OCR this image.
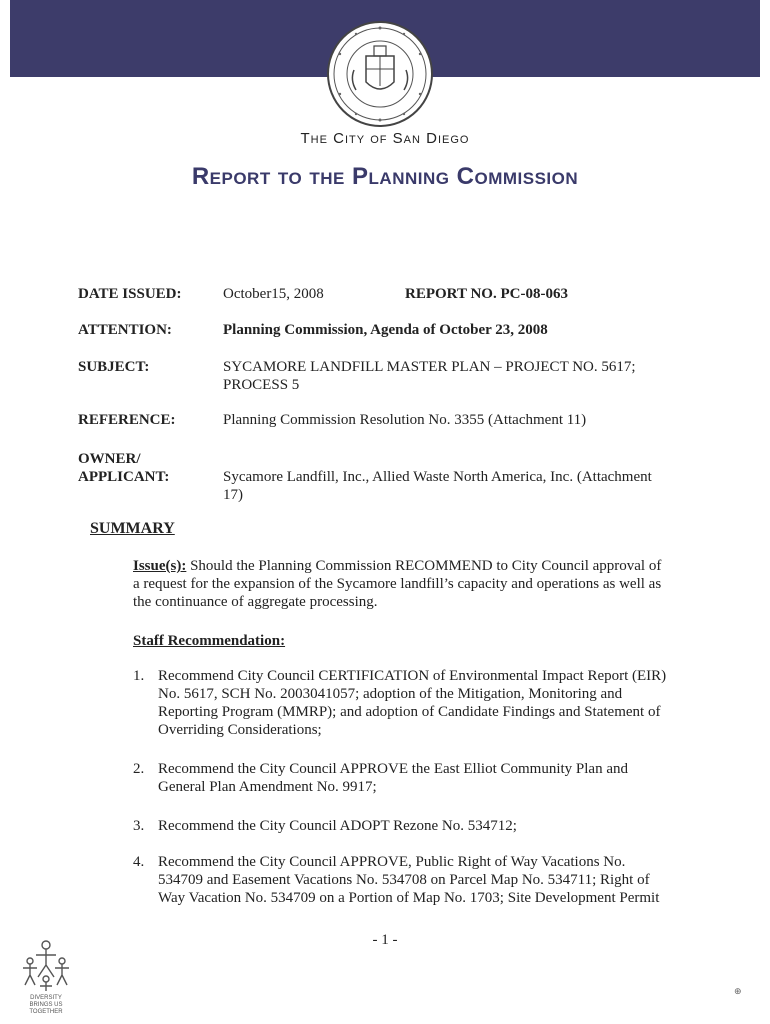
The City of San Diego
Report to the Planning Commission
DATE ISSUED:	October15, 2008	REPORT NO. PC-08-063
ATTENTION:	Planning Commission, Agenda of October 23, 2008
SUBJECT:	SYCAMORE LANDFILL MASTER PLAN – PROJECT NO. 5617;
PROCESS 5
REFERENCE:	Planning Commission Resolution No. 3355 (Attachment 11)
OWNER/
APPLICANT:	Sycamore Landfill, Inc., Allied Waste North America, Inc. (Attachment
17)
SUMMARY
Issue(s): Should the Planning Commission RECOMMEND to City Council approval of
a request for the expansion of the Sycamore landfill’s capacity and operations as well as
the continuance of aggregate processing.
Staff Recommendation:
1. Recommend City Council CERTIFICATION of Environmental Impact Report (EIR)
No. 5617, SCH No. 2003041057; adoption of the Mitigation, Monitoring and
Reporting Program (MMRP); and adoption of Candidate Findings and Statement of
Overriding Considerations;
2. Recommend the City Council APPROVE the East Elliot Community Plan and
General Plan Amendment No. 9917;
3. Recommend the City Council ADOPT Rezone No. 534712;
4. Recommend the City Council APPROVE, Public Right of Way Vacations No.
534709 and Easement Vacations No. 534708 on Parcel Map No. 534711; Right of
Way Vacation No. 534709 on a Portion of Map No. 1703; Site Development Permit
- 1 -
DIVERSITY
BRINGS US TOGETHER
⊕
